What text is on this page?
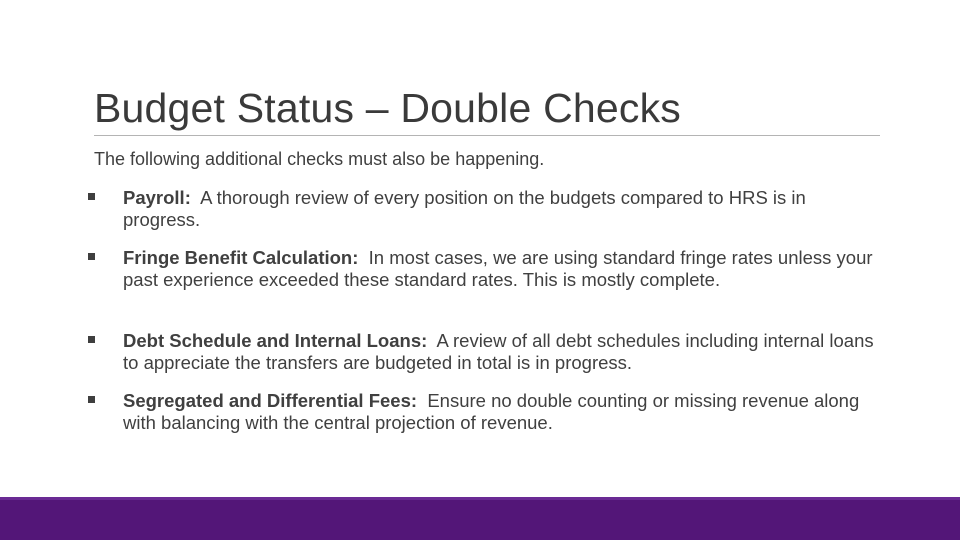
Budget Status – Double Checks
The following additional checks must also be happening.
Payroll: A thorough review of every position on the budgets compared to HRS is in progress.
Fringe Benefit Calculation: In most cases, we are using standard fringe rates unless your past experience exceeded these standard rates. This is mostly complete.
Debt Schedule and Internal Loans: A review of all debt schedules including internal loans to appreciate the transfers are budgeted in total is in progress.
Segregated and Differential Fees: Ensure no double counting or missing revenue along with balancing with the central projection of revenue.
